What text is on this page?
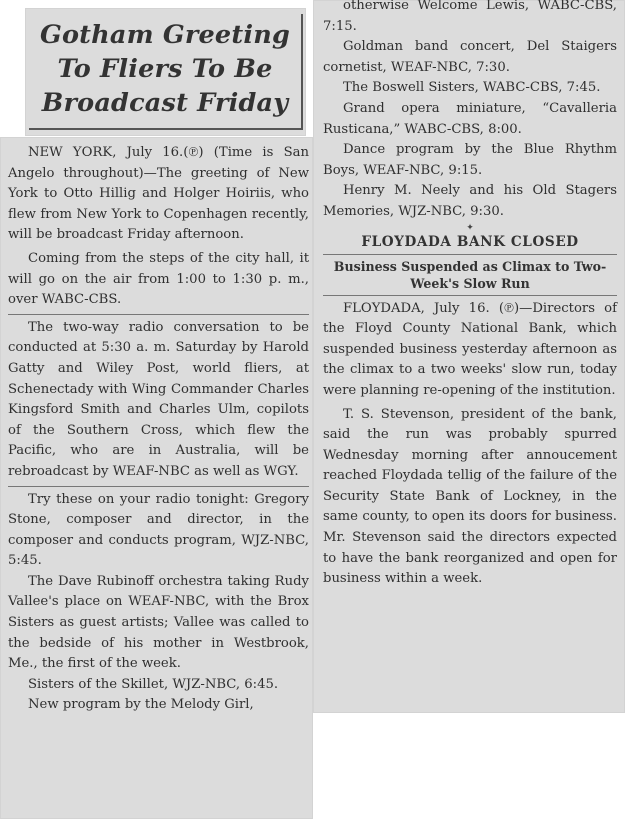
Gotham Greeting
To Fliers To Be
Broadcast Friday

NEW YORK, July 16.(℗) (Time is San Angelo throughout)—The greeting of New York to Otto Hillig and Holger Hoiriis, who flew from New York to Copenhagen recently, will be broadcast Friday afternoon.

Coming from the steps of the city hall, it will go on the air from 1:00 to 1:30 p. m., over WABC-CBS.

The two-way radio conversation to be conducted at 5:30 a. m. Saturday by Harold Gatty and Wiley Post, world fliers, at Schenectady with Wing Commander Charles Kingsford Smith and Charles Ulm, copilots of the Southern Cross, which flew the Pacific, who are in Australia, will be rebroadcast by WEAF-NBC as well as WGY.

Try these on your radio tonight: Gregory Stone, composer and director, in the composer and conducts program, WJZ-NBC, 5:45.

The Dave Rubinoff orchestra taking Rudy Vallee's place on WEAF-NBC, with the Brox Sisters as guest artists; Vallee was called to the bedside of his mother in Westbrook, Me., the first of the week.

Sisters of the Skillet, WJZ-NBC, 6:45.

New program by the Melody Girl,

otherwise Welcome Lewis, WABC-CBS, 7:15.

Goldman band concert, Del Staigers cornetist, WEAF-NBC, 7:30.

The Boswell Sisters, WABC-CBS, 7:45.

Grand opera miniature, “Cavalleria Rusticana,” WABC-CBS, 8:00.

Dance program by the Blue Rhythm Boys, WEAF-NBC, 9:15.

Henry M. Neely and his Old Stagers Memories, WJZ-NBC, 9:30.

✦

FLOYDADA BANK CLOSED

Business Suspended as Climax to Two-Week's Slow Run

FLOYDADA, July 16. (℗)—Directors of the Floyd County National Bank, which suspended business yesterday afternoon as the climax to a two weeks' slow run, today were planning re-opening of the institution.

T. S. Stevenson, president of the bank, said the run was probably spurred Wednesday morning after annoucement reached Floydada tellig of the failure of the Security State Bank of Lockney, in the same county, to open its doors for business. Mr. Stevenson said the directors expected to have the bank reorganized and open for business within a week.
